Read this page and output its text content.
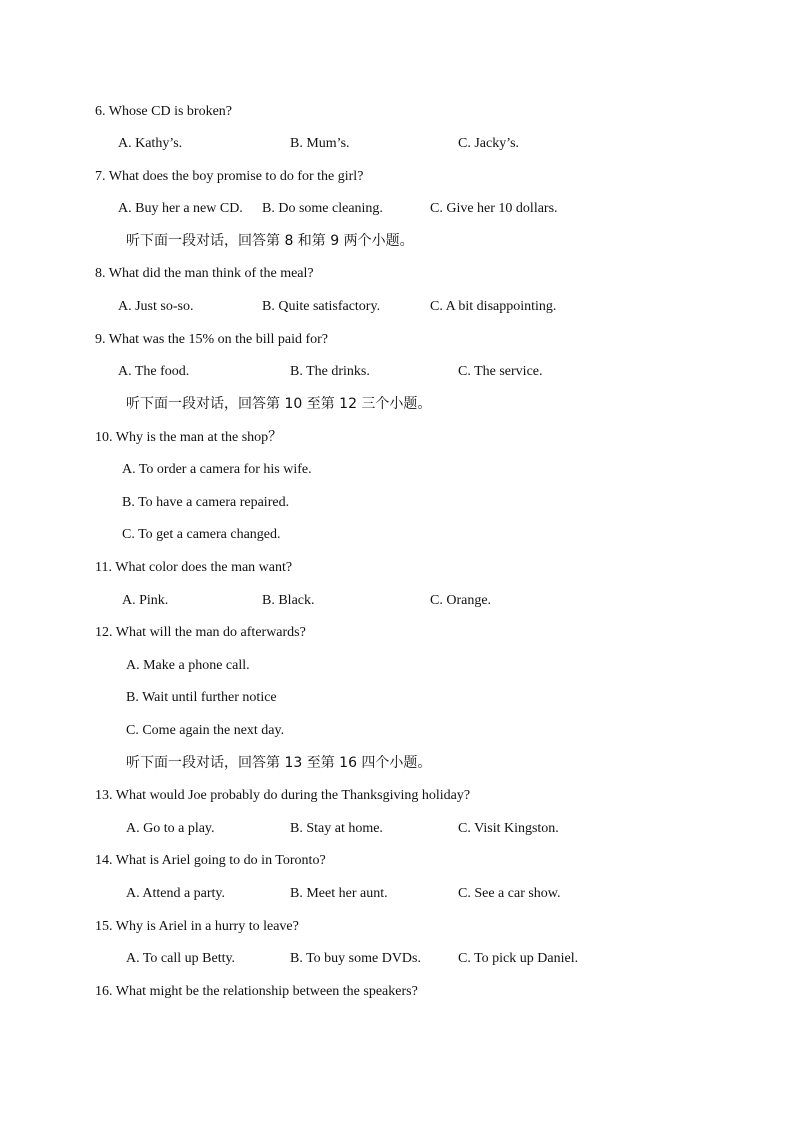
6. Whose CD is broken?
A. Kathy’s.	B. Mum’s.	C. Jacky’s.
7. What does the boy promise to do for the girl?
A. Buy her a new CD. B. Do some cleaning.	C. Give her 10 dollars.
听下面一段对话，回答第 8 和第 9 两个小题。
8. What did the man think of the meal?
A. Just so-so.	B. Quite satisfactory.	C. A bit disappointing.
9. What was the 15% on the bill paid for?
A. The food.	B. The drinks.	C. The service.
听下面一段对话，回答第 10 至第 12 三个小题。
10. Why is the man at the shop？
A. To order a camera for his wife.
B. To have a camera repaired.
C. To get a camera changed.
11. What color does the man want?
A. Pink.	B. Black.	C. Orange.
12. What will the man do afterwards?
A. Make a phone call.
B. Wait until further notice
C. Come again the next day.
听下面一段对话，回答第 13 至第 16 四个小题。
13. What would Joe probably do during the Thanksgiving holiday?
A. Go to a play.	B. Stay at home.	C. Visit Kingston.
14. What is Ariel going to do in Toronto?
A. Attend a party.	B. Meet her aunt.	C. See a car show.
15. Why is Ariel in a hurry to leave?
A. To call up Betty.	B. To buy some DVDs.	C. To pick up Daniel.
16. What might be the relationship between the speakers?
